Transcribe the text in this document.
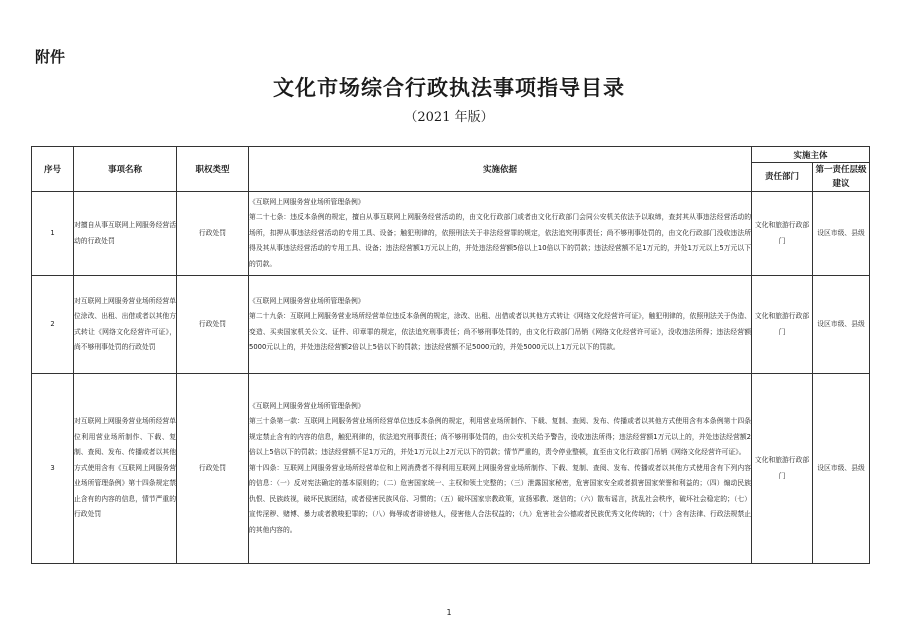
附件
文化市场综合行政执法事项指导目录
（2021 年版）
序号	事项名称	职权类型	实施依据	实施主体	
				责任部门	第一责任层级建议
1	对擅自从事互联网上网服务经营活动的行政处罚	行政处罚	《互联网上网服务营业场所管理条例》

第二十七条：违反本条例的规定，擅自从事互联网上网服务经营活动的，由文化行政部门或者由文化行政部门会同公安机关依法予以取缔，查封其从事违法经营活动的场所，扣押从事违法经营活动的专用工具、设备；触犯刑律的，依照刑法关于非法经营罪的规定，依法追究刑事责任；尚不够刑事处罚的，由文化行政部门没收违法所得及其从事违法经营活动的专用工具、设备；违法经营额1万元以上的，并处违法经营额5倍以上10倍以下的罚款；违法经营额不足1万元的，并处1万元以上5万元以下的罚款。	文化和旅游行政部门	设区市级、县级
2	对互联网上网服务营业场所经营单位涂改、出租、出借或者以其他方式转让《网络文化经营许可证》，尚不够刑事处罚的行政处罚	行政处罚	《互联网上网服务营业场所管理条例》

第二十九条：互联网上网服务营业场所经营单位违反本条例的规定，涂改、出租、出借或者以其他方式转让《网络文化经营许可证》，触犯刑律的，依照刑法关于伪造、变造、买卖国家机关公文、证件、印章罪的规定，依法追究刑事责任；尚不够刑事处罚的，由文化行政部门吊销《网络文化经营许可证》，没收违法所得；违法经营额5000元以上的，并处违法经营额2倍以上5倍以下的罚款；违法经营额不足5000元的，并处5000元以上1万元以下的罚款。	文化和旅游行政部门	设区市级、县级
3	对互联网上网服务营业场所经营单位利用营业场所制作、下载、复制、查阅、发布、传播或者以其他方式使用含有《互联网上网服务营业场所管理条例》第十四条规定禁止含有的内容的信息，情节严重的行政处罚	行政处罚	《互联网上网服务营业场所管理条例》

第三十条第一款：互联网上网服务营业场所经营单位违反本条例的规定，利用营业场所制作、下载、复制、查阅、发布、传播或者以其他方式使用含有本条例第十四条规定禁止含有的内容的信息，触犯刑律的，依法追究刑事责任；尚不够刑事处罚的，由公安机关给予警告，没收违法所得；违法经营额1万元以上的，并处违法经营额2倍以上5倍以下的罚款；违法经营额不足1万元的，并处1万元以上2万元以下的罚款；情节严重的，责令停业整顿，直至由文化行政部门吊销《网络文化经营许可证》。

第十四条：互联网上网服务营业场所经营单位和上网消费者不得利用互联网上网服务营业场所制作、下载、复制、查阅、发布、传播或者以其他方式使用含有下列内容的信息：（一）反对宪法确定的基本原则的；（二）危害国家统一、主权和领土完整的；（三）泄露国家秘密，危害国家安全或者损害国家荣誉和利益的；（四）煽动民族仇恨、民族歧视，破坏民族团结，或者侵害民族风俗、习惯的；（五）破坏国家宗教政策，宣扬邪教、迷信的；（六）散布谣言，扰乱社会秩序，破坏社会稳定的；（七）宣传淫秽、赌博、暴力或者教唆犯罪的；（八）侮辱或者诽谤他人，侵害他人合法权益的；（九）危害社会公德或者民族优秀文化传统的；（十）含有法律、行政法规禁止的其他内容的。	文化和旅游行政部门	设区市级、县级
1
